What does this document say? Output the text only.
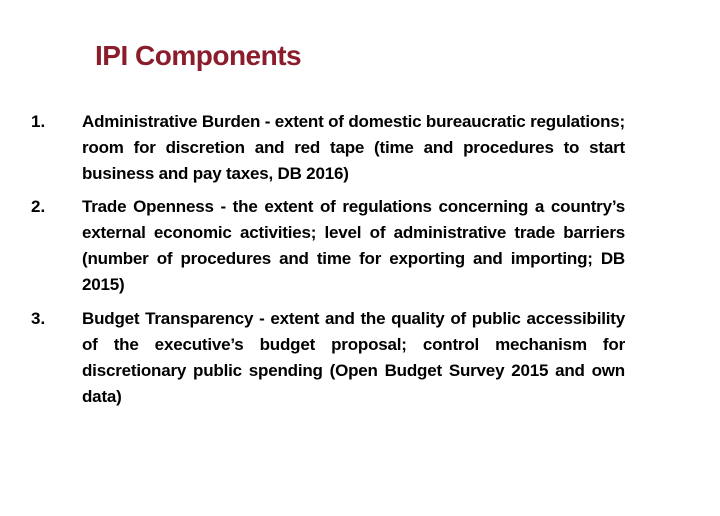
IPI Components
1.	Administrative Burden - extent of domestic bureaucratic regulations; room for discretion and red tape (time and procedures to start business and pay taxes, DB 2016)
2.	Trade Openness - the extent of regulations concerning a country’s external economic activities; level of administrative trade barriers (number of procedures and time for exporting and importing; DB 2015)
3.	Budget Transparency - extent and the quality of public accessibility of the executive’s budget proposal; control mechanism for discretionary public spending (Open Budget Survey 2015 and own data)
